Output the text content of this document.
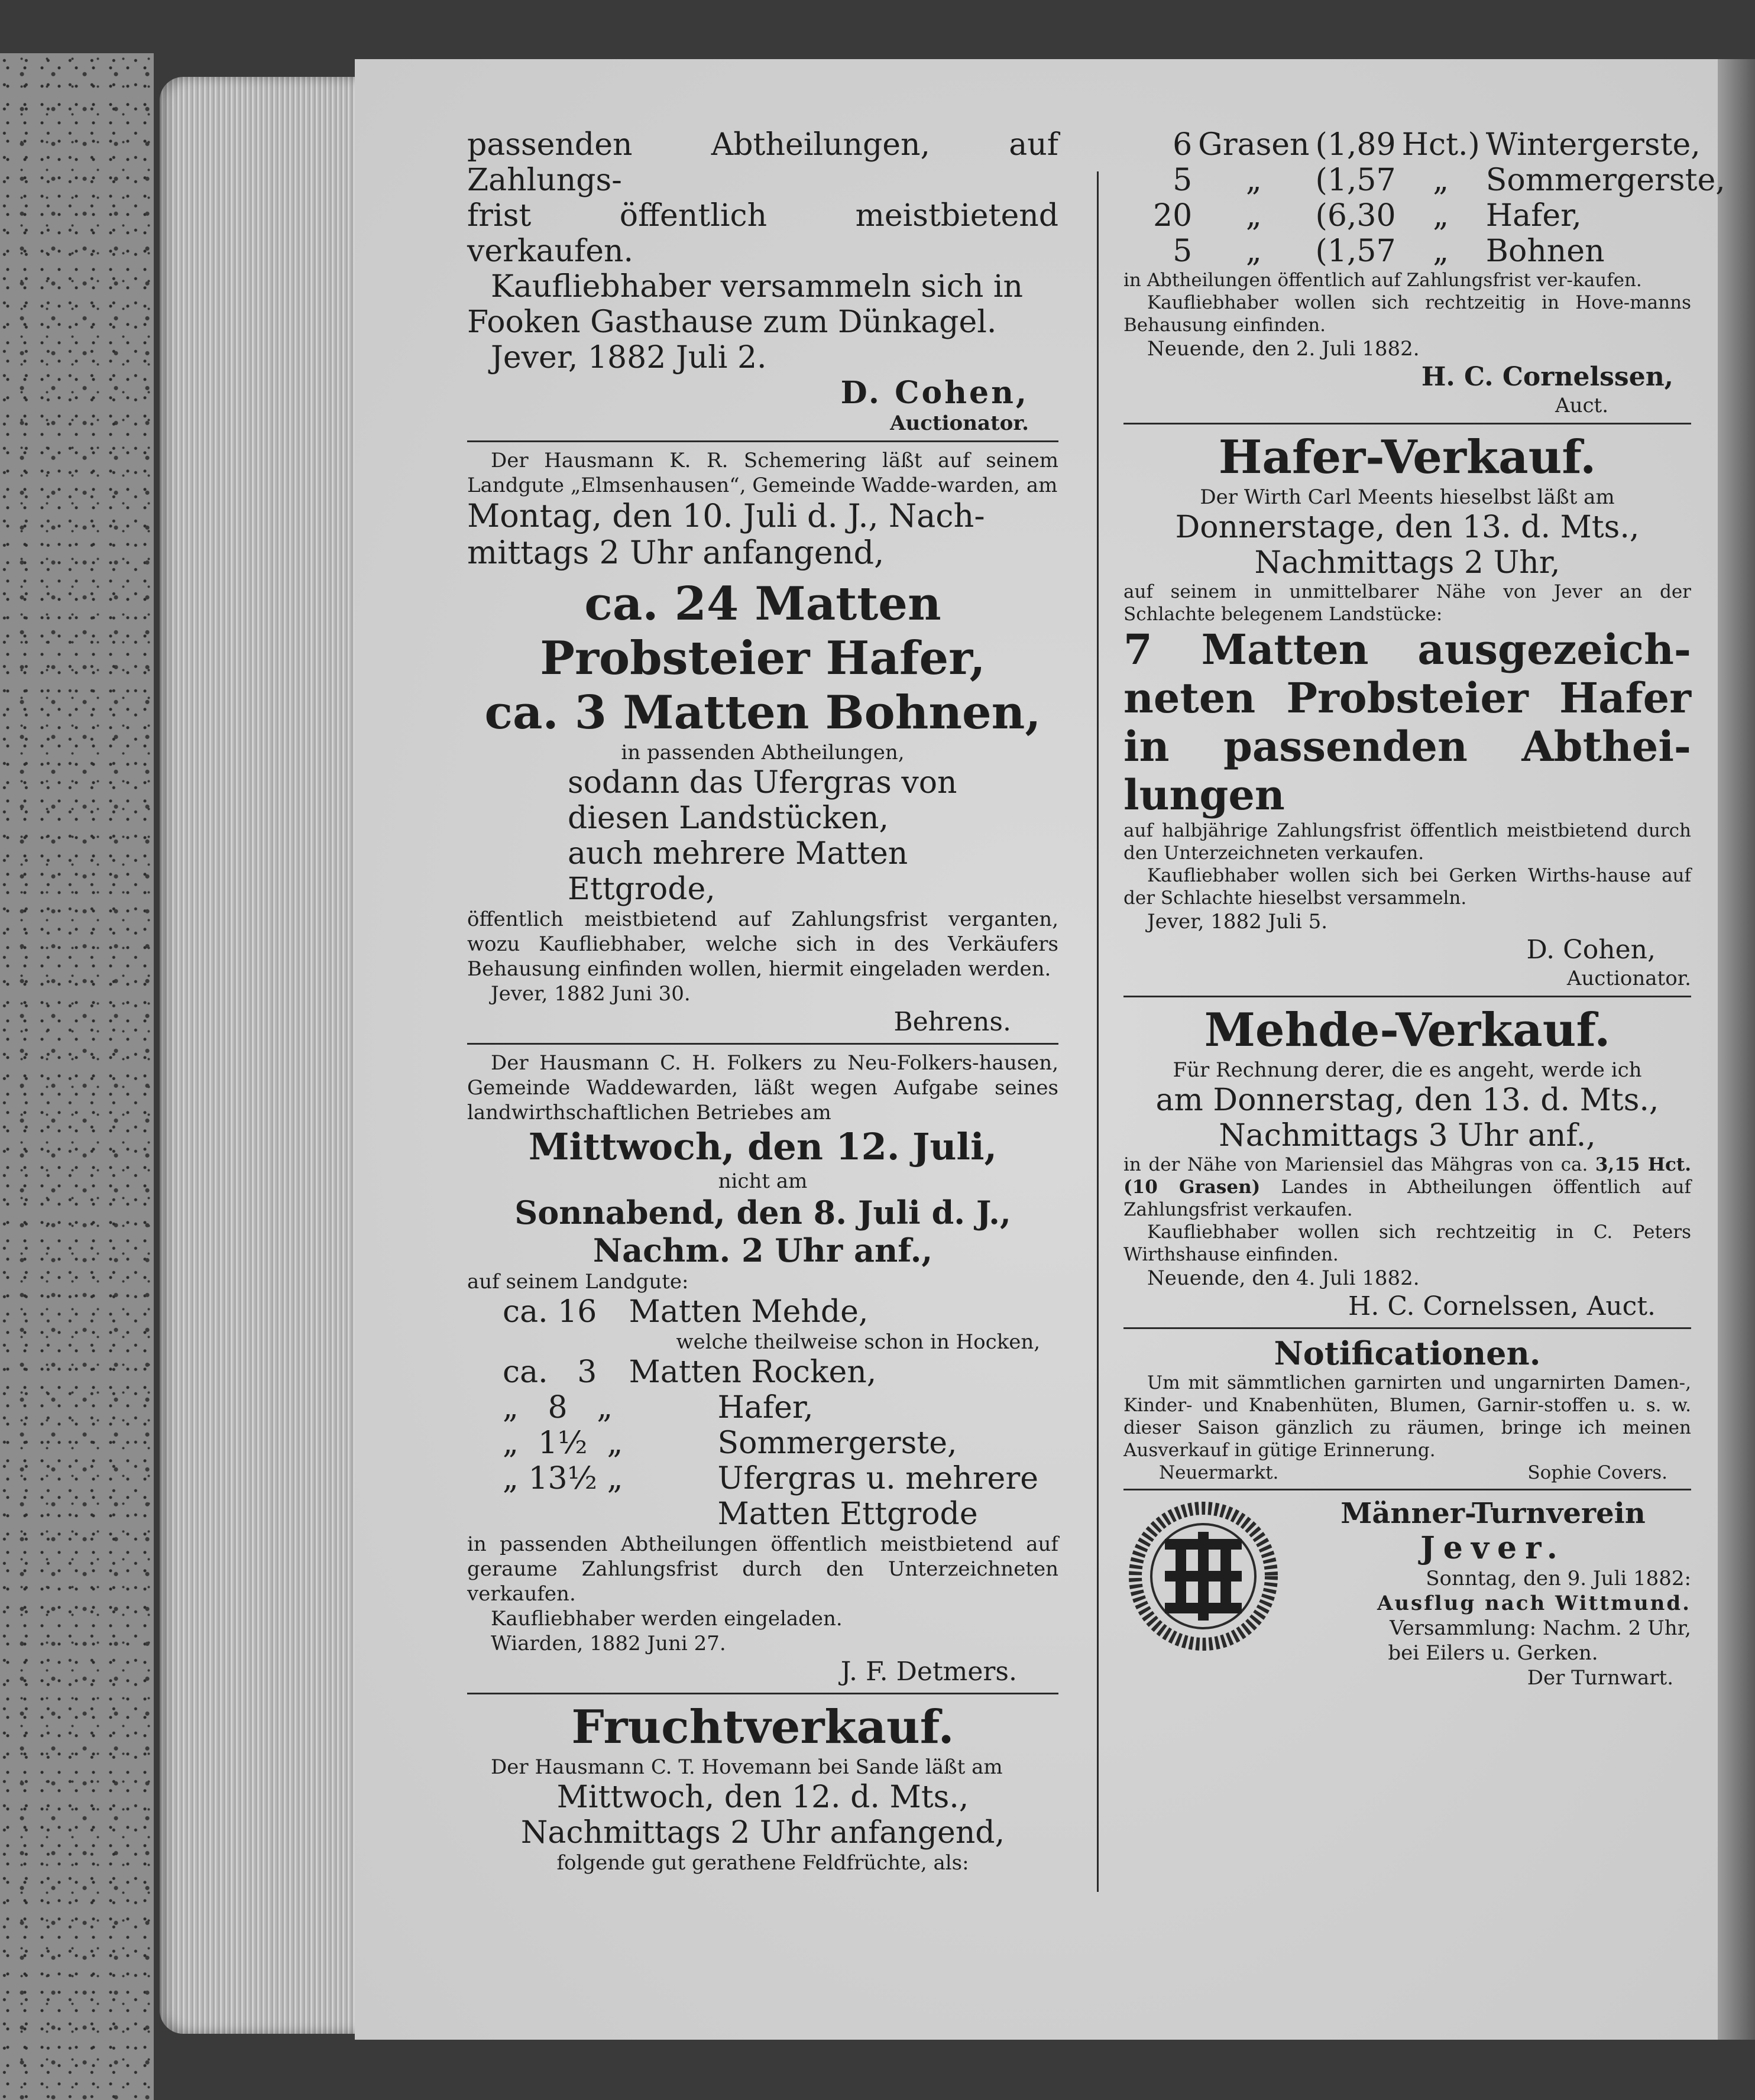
passenden Abtheilungen, auf Zahlungs-
frist öffentlich meistbietend verkaufen.
Kaufliebhaber versammeln sich in
Fooken Gasthause zum Dünkagel.
Jever, 1882 Juli 2.
D. Cohen,
Auctionator.
Der Hausmann K. R. Schemering läßt auf seinem Landgute „Elmsenhausen“, Gemeinde Wadde-warden, am
Montag, den 10. Juli d. J., Nach-mittags 2 Uhr anfangend,
ca. 24 Matten Probsteier Hafer,
ca. 3 Matten Bohnen,
in passenden Abtheilungen,
sodann das Ufergras von diesen Landstücken,
auch mehrere Matten Ettgrode,
öffentlich meistbietend auf Zahlungsfrist verganten, wozu Kaufliebhaber, welche sich in des Verkäufers Behausung einfinden wollen, hiermit eingeladen werden.
Jever, 1882 Juni 30.
Behrens.
Der Hausmann C. H. Folkers zu Neu-Folkers-hausen, Gemeinde Waddewarden, läßt wegen Aufgabe seines landwirthschaftlichen Betriebes am
Mittwoch, den 12. Juli,
nicht am
Sonnabend, den 8. Juli d. J.,
Nachm. 2 Uhr anf.,
auf seinem Landgute:
ca. 16	Matten Mehde,
	welche theilweise schon in Hocken,
ca.   3	Matten Rocken,
„   8   „	Hafer,
„  1½  „	Sommergerste,
„ 13½ „	Ufergras u. mehrere Matten Ettgrode
in passenden Abtheilungen öffentlich meistbietend auf geraume Zahlungsfrist durch den Unterzeichneten verkaufen.
Kaufliebhaber werden eingeladen.
Wiarden, 1882 Juni 27.
J. F. Detmers.
Fruchtverkauf.
Der Hausmann C. T. Hovemann bei Sande läßt am
Mittwoch, den 12. d. Mts.,
Nachmittags 2 Uhr anfangend,
folgende gut gerathene Feldfrüchte, als:
6	Grasen	(1,89	Hct.)	Wintergerste,
5	„	(1,57	„	Sommergerste,
20	„	(6,30	„	Hafer,
5	„	(1,57	„	Bohnen
in Abtheilungen öffentlich auf Zahlungsfrist ver-kaufen.
Kaufliebhaber wollen sich rechtzeitig in Hove-manns Behausung einfinden.
Neuende, den 2. Juli 1882.
H. C. Cornelssen,
Auct.
Hafer-Verkauf.
Der Wirth Carl Meents hieselbst läßt am
Donnerstage, den 13. d. Mts.,
Nachmittags 2 Uhr,
auf seinem in unmittelbarer Nähe von Jever an der Schlachte belegenem Landstücke:
7 Matten ausgezeich-neten Probsteier Hafer in passenden Abthei-lungen
auf halbjährige Zahlungsfrist öffentlich meistbietend durch den Unterzeichneten verkaufen.
Kaufliebhaber wollen sich bei Gerken Wirths-hause auf der Schlachte hieselbst versammeln.
Jever, 1882 Juli 5.
D. Cohen,
Auctionator.
Mehde-Verkauf.
Für Rechnung derer, die es angeht, werde ich
am Donnerstag, den 13. d. Mts.,
Nachmittags 3 Uhr anf.,
in der Nähe von Mariensiel das Mähgras von ca. 3,15 Hct. (10 Grasen) Landes in Abtheilungen öffentlich auf Zahlungsfrist verkaufen.
Kaufliebhaber wollen sich rechtzeitig in C. Peters Wirthshause einfinden.
Neuende, den 4. Juli 1882.
H. C. Cornelssen, Auct.
Notificationen.
Um mit sämmtlichen garnirten und ungarnirten Damen-, Kinder- und Knabenhüten, Blumen, Garnir-stoffen u. s. w. dieser Saison gänzlich zu räumen, bringe ich meinen Ausverkauf in gütige Erinnerung.
Neuermarkt.	Sophie Covers.
Männer-Turnverein
Jever.
Sonntag, den 9. Juli 1882:
Ausflug nach Wittmund.
Versammlung: Nachm. 2 Uhr,
bei Eilers u. Gerken.
Der Turnwart.
